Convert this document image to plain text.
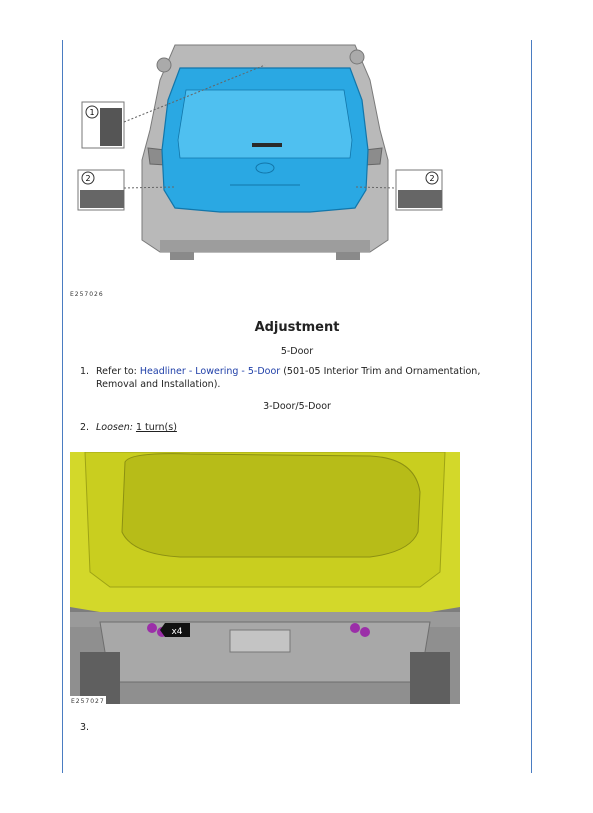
1
2	2
E257026
Adjustment
5-Door
1. Refer to: Headliner - Lowering - 5-Door (501-05 Interior Trim and Ornamentation, Removal and Installation).
3-Door/5-Door
2. Loosen: 1 turn(s)
x4
E257027
3.
